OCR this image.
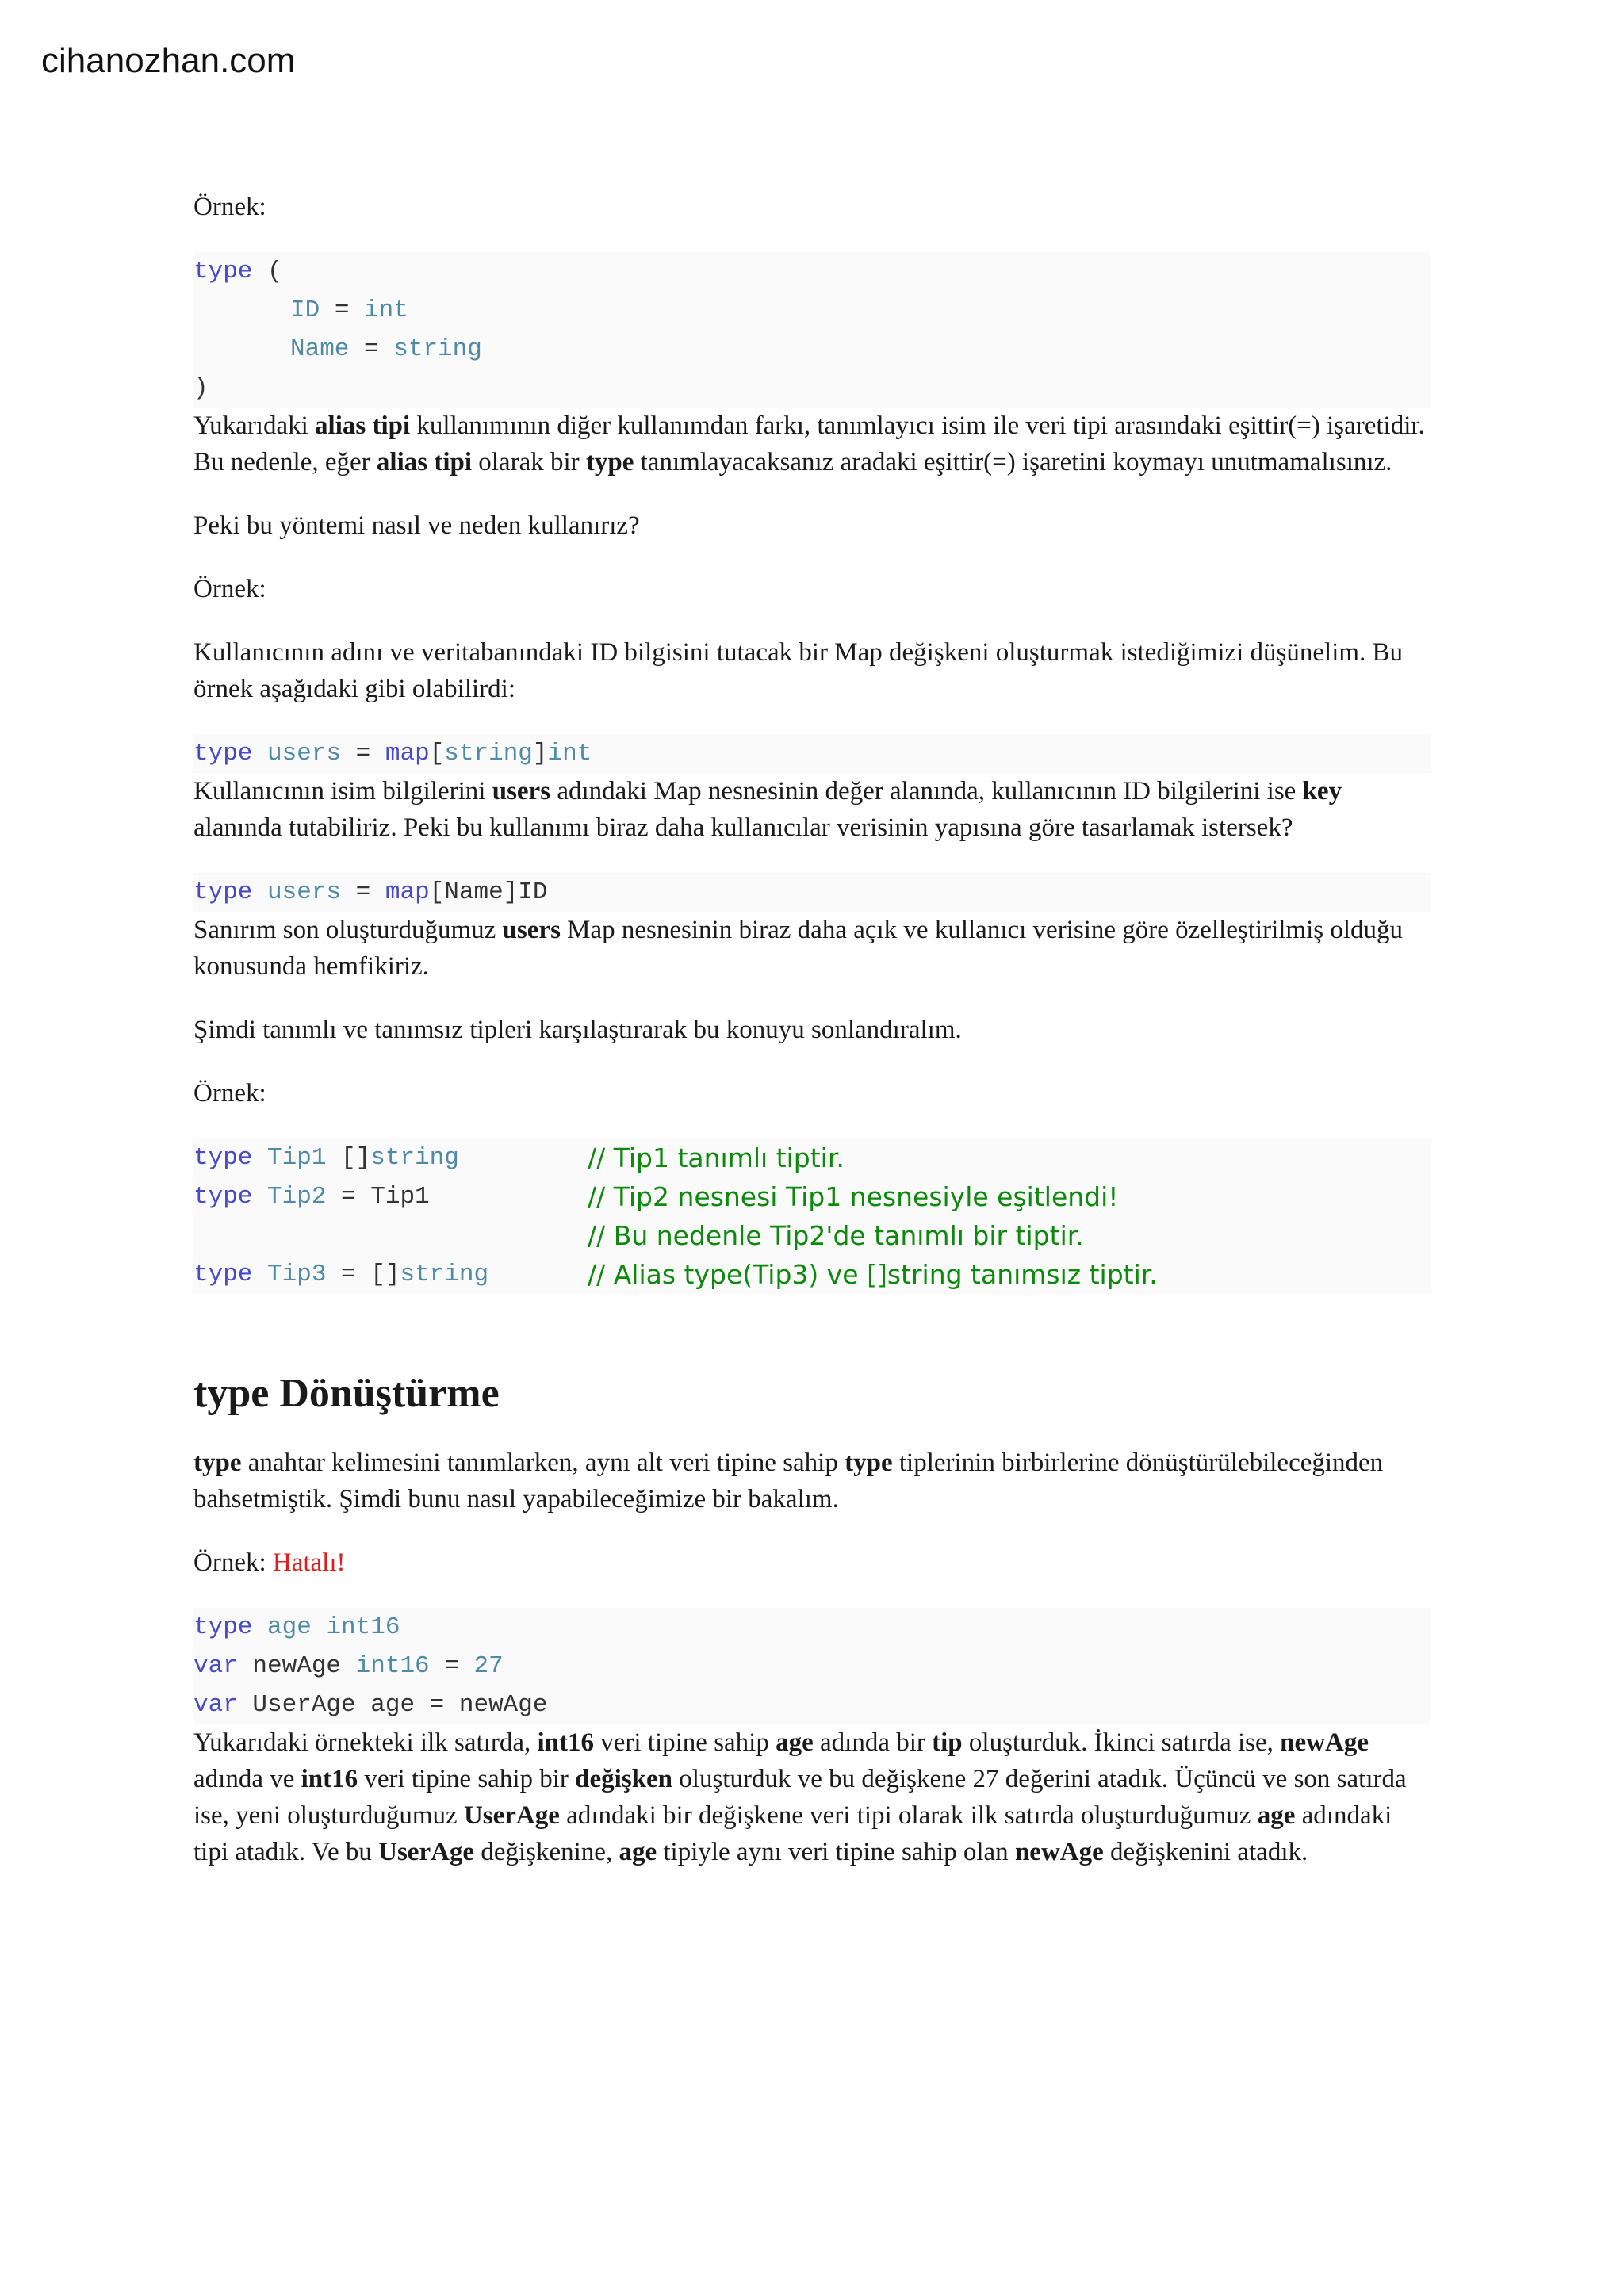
cihanozhan.com

Örnek:

type (
ID = int
Name = string
)

Yukarıdaki alias tipi kullanımının diğer kullanımdan farkı, tanımlayıcı isim ile veri tipi arasındaki eşittir(=) işaretidir. Bu nedenle, eğer alias tipi olarak bir type tanımlayacaksanız aradaki eşittir(=) işaretini koymayı unutmamalısınız.

Peki bu yöntemi nasıl ve neden kullanırız?

Örnek:

Kullanıcının adını ve veritabanındaki ID bilgisini tutacak bir Map değişkeni oluşturmak istediğimizi düşünelim. Bu örnek aşağıdaki gibi olabilirdi:

type users = map[string]int

Kullanıcının isim bilgilerini users adındaki Map nesnesinin değer alanında, kullanıcının ID bilgilerini ise key alanında tutabiliriz. Peki bu kullanımı biraz daha kullanıcılar verisinin yapısına göre tasarlamak istersek?

type users = map[Name]ID

Sanırım son oluşturduğumuz users Map nesnesinin biraz daha açık ve kullanıcı verisine göre özelleştirilmiş olduğu konusunda hemfikiriz.

Şimdi tanımlı ve tanımsız tipleri karşılaştırarak bu konuyu sonlandıralım.

Örnek:

type Tip1 []string	// Tip1 tanımlı tiptir.
type Tip2 = Tip1	// Tip2 nesnesi Tip1 nesnesiyle eşitlendi!
// Bu nedenle Tip2'de tanımlı bir tiptir.
type Tip3 = []string	// Alias type(Tip3) ve []string tanımsız tiptir.
type Dönüştürme

type anahtar kelimesini tanımlarken, aynı alt veri tipine sahip type tiplerinin birbirlerine dönüştürülebileceğinden bahsetmiştik. Şimdi bunu nasıl yapabileceğimize bir bakalım.

Örnek: Hatalı!

type age int16
var newAge int16 = 27
var UserAge age = newAge

Yukarıdaki örnekteki ilk satırda, int16 veri tipine sahip age adında bir tip oluşturduk. İkinci satırda ise, newAge adında ve int16 veri tipine sahip bir değişken oluşturduk ve bu değişkene 27 değerini atadık. Üçüncü ve son satırda ise, yeni oluşturduğumuz UserAge adındaki bir değişkene veri tipi olarak ilk satırda oluşturduğumuz age adındaki tipi atadık. Ve bu UserAge değişkenine, age tipiyle aynı veri tipine sahip olan newAge değişkenini atadık.
